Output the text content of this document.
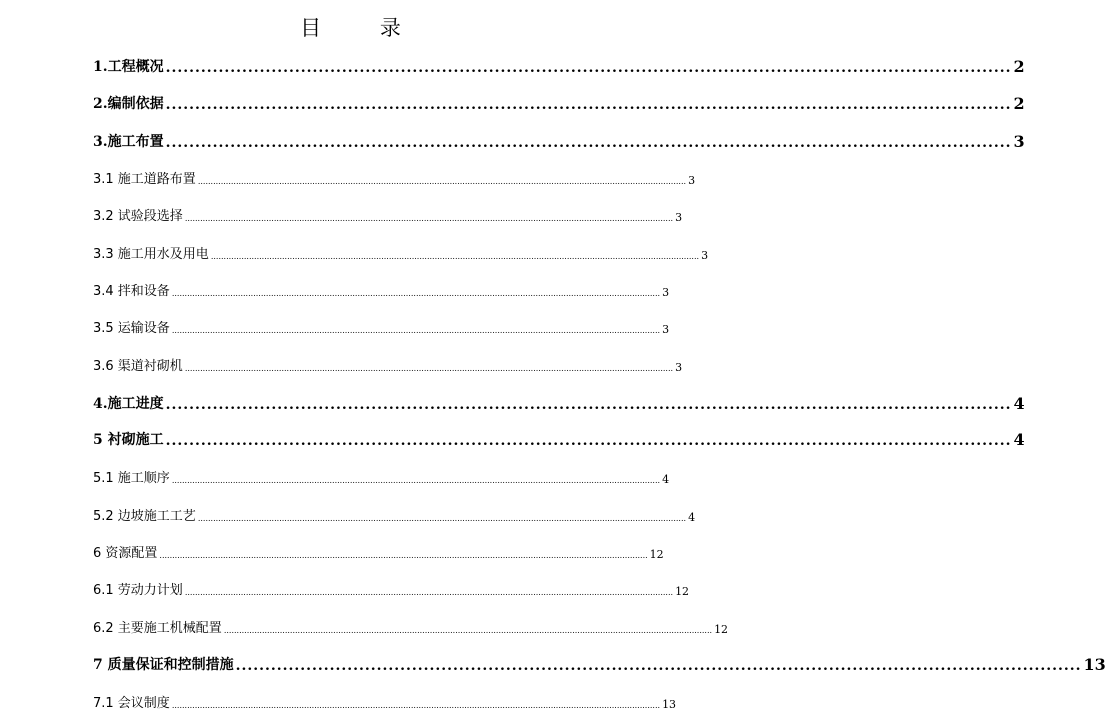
目 录
1.工程概况 ................................................................................................................................................ 2
2.编制依据 ................................................................................................................................................ 2
3.施工布置 ................................................................................................................................................ 3
3.1 施工道路布置 ................................................................................................................................................................................................ 3
3.2 试验段选择 ................................................................................................................................................................................................ 3
3.3 施工用水及用电 ................................................................................................................................................................................................ 3
3.4 拌和设备 ................................................................................................................................................................................................ 3
3.5 运输设备 ................................................................................................................................................................................................ 3
3.6 渠道衬砌机 ................................................................................................................................................................................................ 3
4.施工进度 ................................................................................................................................................ 4
5 衬砌施工 ................................................................................................................................................ 4
5.1 施工顺序 ................................................................................................................................................................................................ 4
5.2 边坡施工工艺 ................................................................................................................................................................................................ 4
6 资源配置 ................................................................................................................................................................................................ 12
6.1 劳动力计划 ................................................................................................................................................................................................ 12
6.2 主要施工机械配置 ................................................................................................................................................................................................ 12
7 质量保证和控制措施 ................................................................................................................................................ 13
7.1 会议制度 ................................................................................................................................................................................................ 13
